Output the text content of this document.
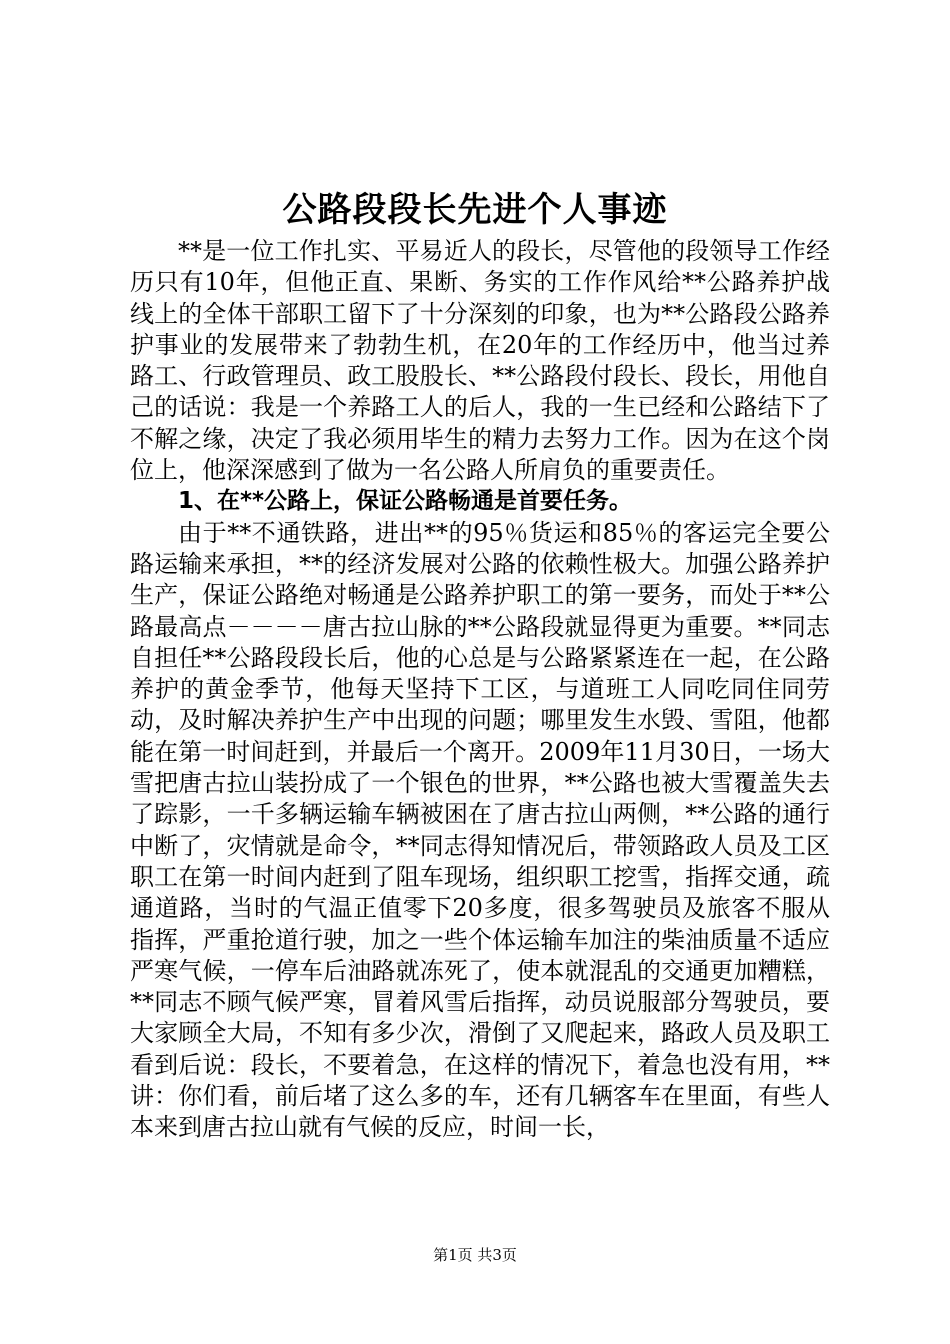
公路段段长先进个人事迹

**是一位工作扎实、平易近人的段长，尽管他的段领导工作经历只有10年，但他正直、果断、务实的工作作风给**公路养护战线上的全体干部职工留下了十分深刻的印象，也为**公路段公路养护事业的发展带来了勃勃生机，在20年的工作经历中，他当过养路工、行政管理员、政工股股长、**公路段付段长、段长，用他自己的话说：我是一个养路工人的后人，我的一生已经和公路结下了不解之缘，决定了我必须用毕生的精力去努力工作。因为在这个岗位上，他深深感到了做为一名公路人所肩负的重要责任。

1、在**公路上，保证公路畅通是首要任务。

由于**不通铁路，进出**的95％货运和85％的客运完全要公路运输来承担，**的经济发展对公路的依赖性极大。加强公路养护生产，保证公路绝对畅通是公路养护职工的第一要务，而处于**公路最高点－－－－唐古拉山脉的**公路段就显得更为重要。**同志自担任**公路段段长后，他的心总是与公路紧紧连在一起，在公路养护的黄金季节，他每天坚持下工区，与道班工人同吃同住同劳动，及时解决养护生产中出现的问题；哪里发生水毁、雪阻，他都能在第一时间赶到，并最后一个离开。2009年11月30日，一场大雪把唐古拉山装扮成了一个银色的世界，**公路也被大雪覆盖失去了踪影，一千多辆运输车辆被困在了唐古拉山两侧，**公路的通行中断了，灾情就是命令，**同志得知情况后，带领路政人员及工区职工在第一时间内赶到了阻车现场，组织职工挖雪，指挥交通，疏通道路，当时的气温正值零下20多度，很多驾驶员及旅客不服从指挥，严重抢道行驶，加之一些个体运输车加注的柴油质量不适应严寒气候，一停车后油路就冻死了，使本就混乱的交通更加糟糕，**同志不顾气候严寒，冒着风雪后指挥，动员说服部分驾驶员，要大家顾全大局，不知有多少次，滑倒了又爬起来，路政人员及职工看到后说：段长，不要着急，在这样的情况下，着急也没有用，**讲：你们看，前后堵了这么多的车，还有几辆客车在里面，有些人本来到唐古拉山就有气候的反应，时间一长，

第1页 共3页
